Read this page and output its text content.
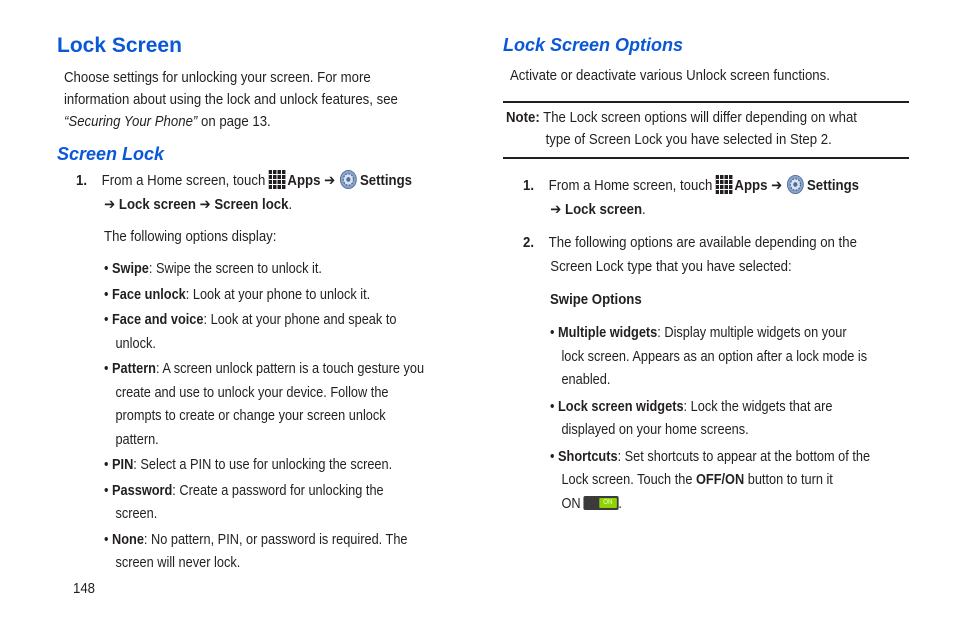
Lock Screen
Choose settings for unlocking your screen. For more
information about using the lock and unlock features, see
“Securing Your Phone” on page 13.
Screen Lock
1. From a Home screen, touch Apps ➔ Settings
➔ Lock screen ➔ Screen lock.
The following options display:
• Swipe: Swipe the screen to unlock it.
• Face unlock: Look at your phone to unlock it.
• Face and voice: Look at your phone and speak to
unlock.
• Pattern: A screen unlock pattern is a touch gesture you
create and use to unlock your device. Follow the
prompts to create or change your screen unlock
pattern.
• PIN: Select a PIN to use for unlocking the screen.
• Password: Create a password for unlocking the
screen.
• None: No pattern, PIN, or password is required. The
screen will never lock.
148
Lock Screen Options
Activate or deactivate various Unlock screen functions.
Note: The Lock screen options will differ depending on what
type of Screen Lock you have selected in Step 2.
1. From a Home screen, touch Apps ➔ Settings
➔ Lock screen.
2. The following options are available depending on the
Screen Lock type that you have selected:
Swipe Options
• Multiple widgets: Display multiple widgets on your
lock screen. Appears as an option after a lock mode is
enabled.
• Lock screen widgets: Lock the widgets that are
displayed on your home screens.
• Shortcuts: Set shortcuts to appear at the bottom of the
Lock screen. Touch the OFF/ON button to turn it
ON	ON .
